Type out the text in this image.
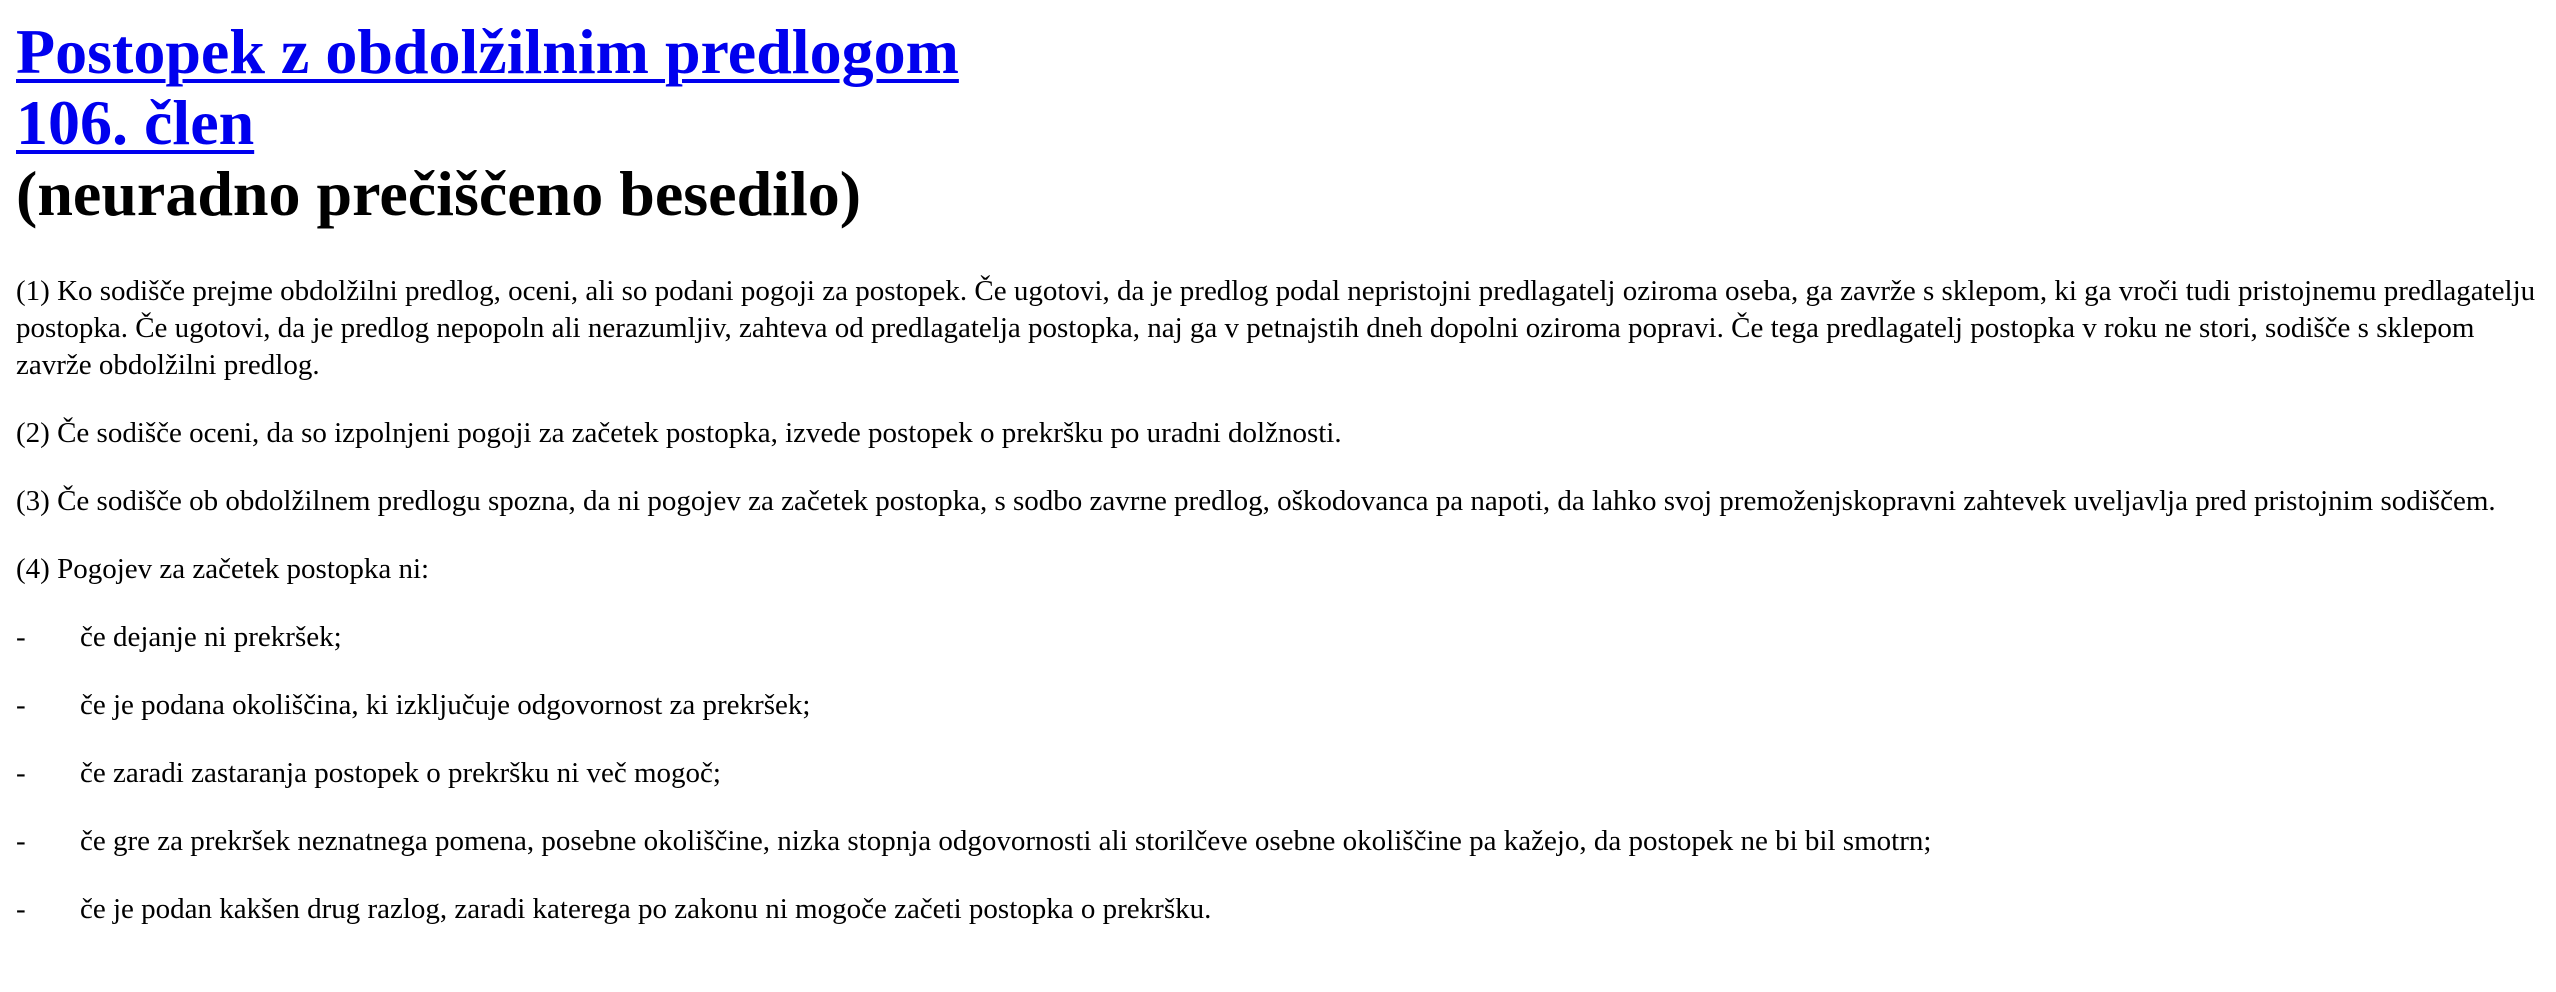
Postopek z obdolžilnim predlogom
106. člen
(neuradno prečiščeno besedilo)

(1) Ko sodišče prejme obdolžilni predlog, oceni, ali so podani pogoji za postopek. Če ugotovi, da je predlog podal nepristojni predlagatelj oziroma oseba, ga zavrže s sklepom, ki ga vroči tudi pristojnemu predlagatelju postopka. Če ugotovi, da je predlog nepopoln ali nerazumljiv, zahteva od predlagatelja postopka, naj ga v petnajstih dneh dopolni oziroma popravi. Če tega predlagatelj postopka v roku ne stori, sodišče s sklepom zavrže obdolžilni predlog.

(2) Če sodišče oceni, da so izpolnjeni pogoji za začetek postopka, izvede postopek o prekršku po uradni dolžnosti.

(3) Če sodišče ob obdolžilnem predlogu spozna, da ni pogojev za začetek postopka, s sodbo zavrne predlog, oškodovanca pa napoti, da lahko svoj premoženjskopravni zahtevek uveljavlja pred pristojnim sodiščem.

(4) Pogojev za začetek postopka ni:

-	če dejanje ni prekršek;

-	če je podana okoliščina, ki izključuje odgovornost za prekršek;

-	če zaradi zastaranja postopek o prekršku ni več mogoč;

-	če gre za prekršek neznatnega pomena, posebne okoliščine, nizka stopnja odgovornosti ali storilčeve osebne okoliščine pa kažejo, da postopek ne bi bil smotrn;

-	če je podan kakšen drug razlog, zaradi katerega po zakonu ni mogoče začeti postopka o prekršku.
